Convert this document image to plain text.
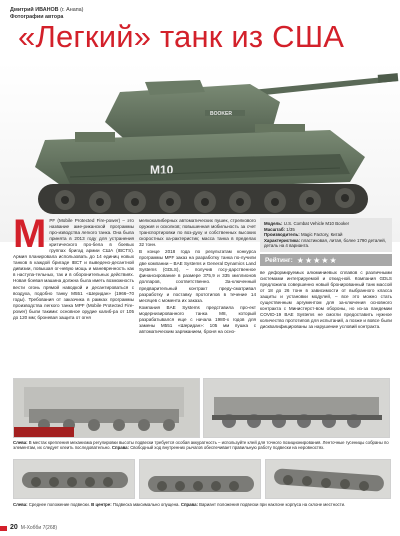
Дмитрий ИВАНОВ (г. Анапа)
Фотографии автора
«Легкий» танк из США
BOOKER
M10
M PF (Mobile Protected Fire-power) – это название аме-риканской программы про-изводства легкого танка. Она была принята в 2013 году для устранения критического про-бела в боевых группах бригад армии США (IBCTS). Армия планировала использовать до 14 единиц новых танков в каждой бригаде IBCT и выведено-десантной дивизии, повышая ог-невую мощь и маневренность как в наступа-тельных, так и в оборонительных действиях. Новая боевая машина должна была иметь возможность вести огонь прямой наводкой и десантироваться с воздуха, подобно танку M551 «Шеридан» (1966–70 годы). Требования от заказчика в рамках программы производства легкого танка MPF (Mobile Protected Fire-power) были такими: основное орудие калиб-ра от 105 до 120 мм; броневая защита от огня

мелкокалиберных автоматических пушек, стрелкового оружия и осколков; повышенная мобильность за счет транспортировки по воз-духу и собственных высоких скоростных ха-рактеристик; масса танка в пределах 32 тонн.

В конце 2018 года по результатам конкурса программы MPF заказ на разработку танка по-лучили две компании – BAE Systems и General Dynamics Land Systems (GDLS), – получив госу-дарственное финансирование в размере 375,9 и 335 миллионов долларов, соответственно. За-ключенный предварительный контракт преду-сматривал разработку и поставку прототипов в течение 14 месяцев с момента их заказа.

Компания BAE Systems представила про-ект модернизированного танка M8, который разрабатывался еще с начала 1980-х годов для замены M551 «Шеридан»: 105 мм пушка с автоматическим заряжанием, броня на осно-

Модель: U.S. Combat Vehicle M10 Booker
Масштаб: 1/35
Производитель: Magic Factory, Китай
Характеристика: пластиковая, литая, более 1790 деталей, деталь на 4 варианта.
Рейтинг: ★★★★★

ве деформируемых алюминиевых сплавов с различными системами интегрируемой и откид-ной. Компания GDLS предложила совершенно новый бронированный танк массой от 18 до 26 тонн в зависимости от выбранного класса защиты и установки модулей, – все это можно стать существенным аргументом для за-ключения основного контракта с Министерст-вом обороны, но из-за пандемии COVID-19 BAE Systems не смогли предоставить нужное количество прототипов для испытаний, а позже и вовсе были дисквалифицированы за нарушение условий контракта.

Слева: В местах крепления механизма регулировки высоты подвески требуется особая аккуратность – используйте клей для точного позиционирования. Ленточные гусеницы собраны по элементам, их следует клеить последовательно. Справа: Свободный ход внутренних рычагов обеспечивает правильную работу подвески на неровностях.
Слева: Среднее положение подвески. В центре: Подвеска максимально опущена. Справа: Вариант положения подвески при наклоне корпуса на склоне местности.
20 М-Хобби 7(268)
